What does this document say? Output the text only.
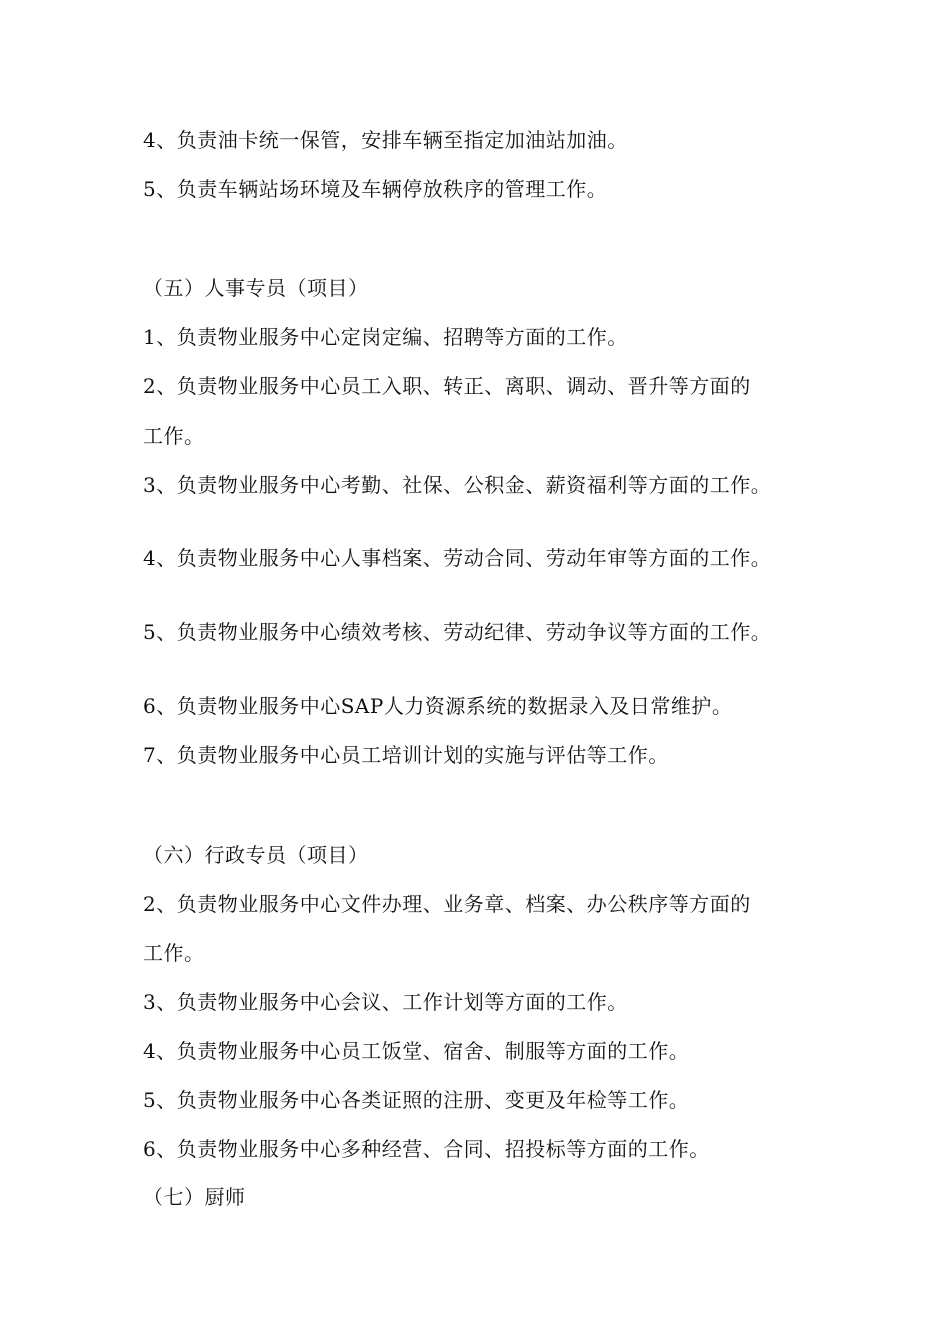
4、负责油卡统一保管，安排车辆至指定加油站加油。
5、负责车辆站场环境及车辆停放秩序的管理工作。
（五）人事专员（项目）
1、负责物业服务中心定岗定编、招聘等方面的工作。
2、负责物业服务中心员工入职、转正、离职、调动、晋升等方面的
工作。
3、负责物业服务中心考勤、社保、公积金、薪资福利等方面的工作。
4、负责物业服务中心人事档案、劳动合同、劳动年审等方面的工作。
5、负责物业服务中心绩效考核、劳动纪律、劳动争议等方面的工作。
6、负责物业服务中心SAP人力资源系统的数据录入及日常维护。
7、负责物业服务中心员工培训计划的实施与评估等工作。
（六）行政专员（项目）
2、负责物业服务中心文件办理、业务章、档案、办公秩序等方面的
工作。
3、负责物业服务中心会议、工作计划等方面的工作。
4、负责物业服务中心员工饭堂、宿舍、制服等方面的工作。
5、负责物业服务中心各类证照的注册、变更及年检等工作。
6、负责物业服务中心多种经营、合同、招投标等方面的工作。
（七）厨师
